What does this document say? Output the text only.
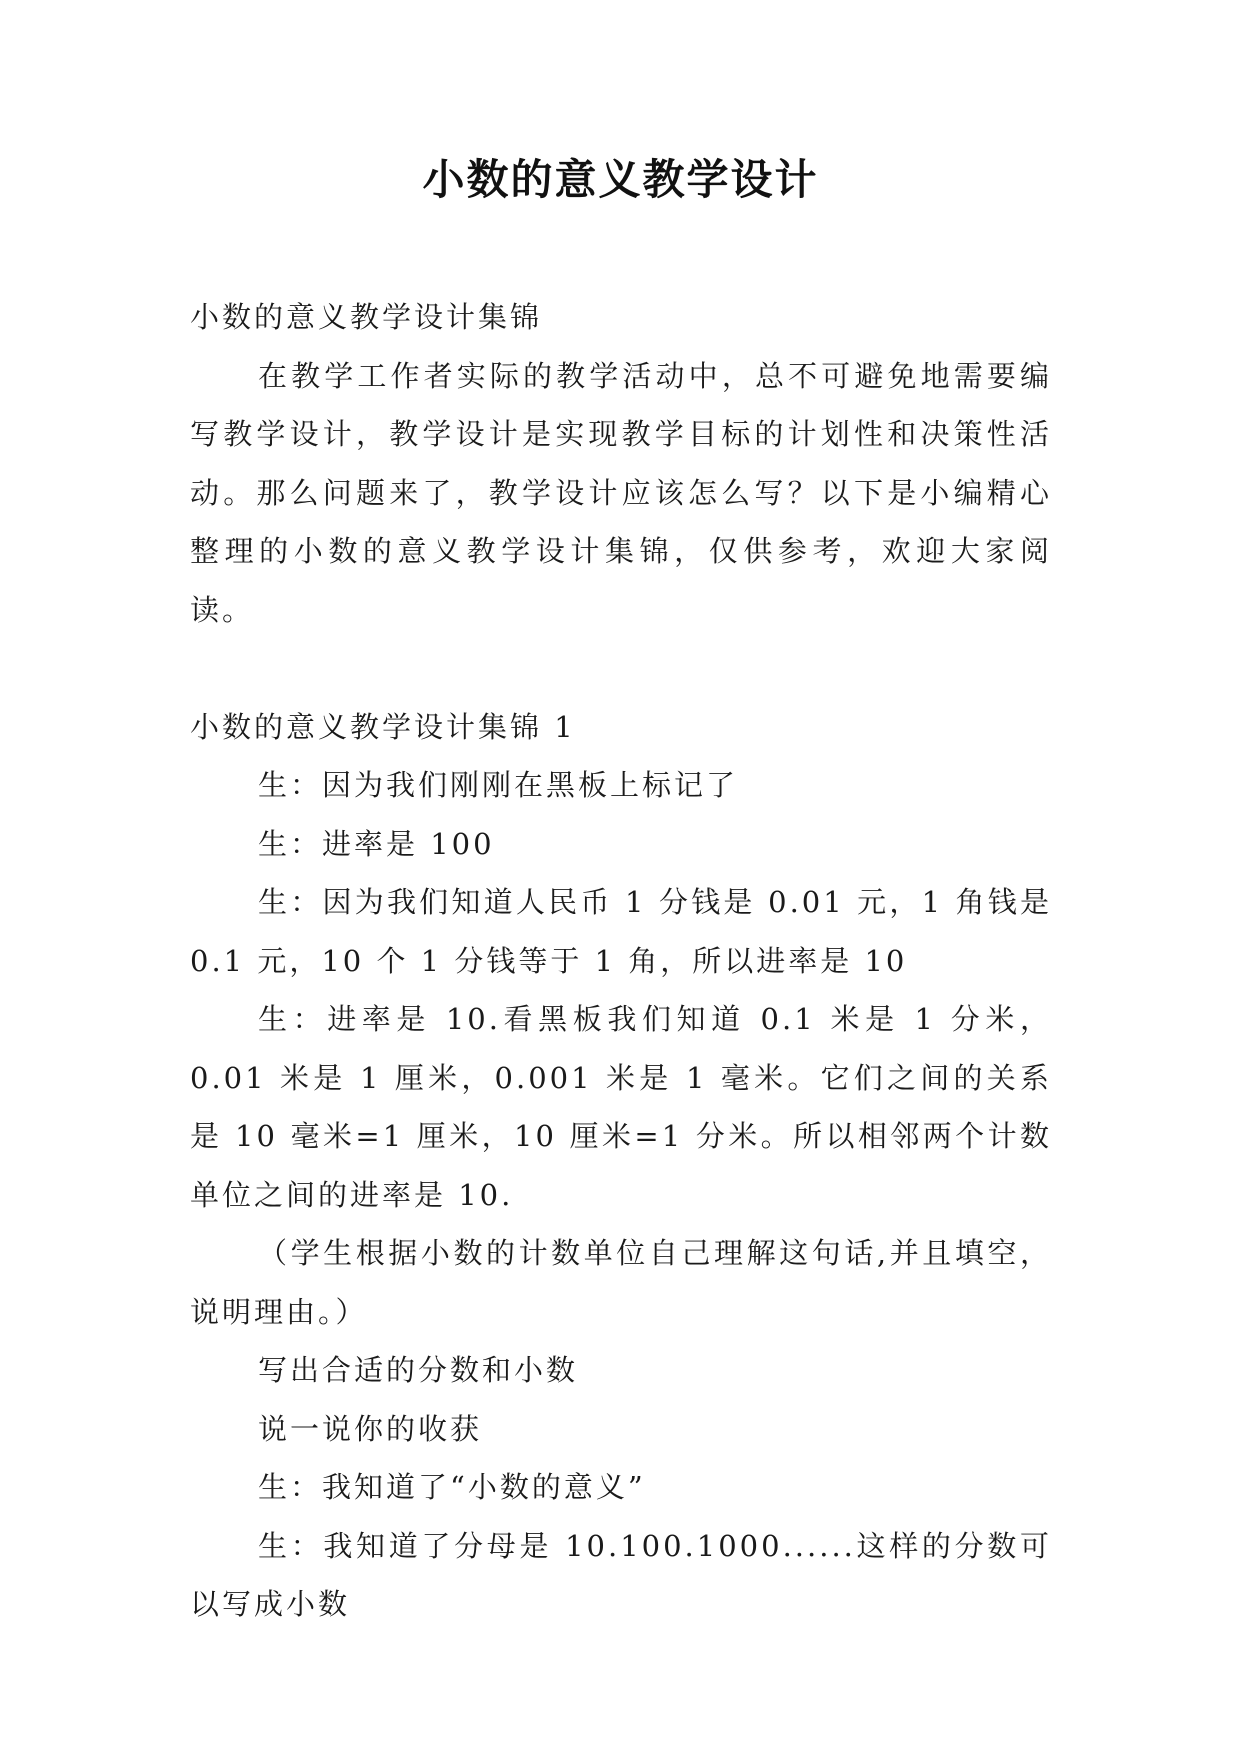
小数的意义教学设计

小数的意义教学设计集锦

在教学工作者实际的教学活动中，总不可避免地需要编写教学设计，教学设计是实现教学目标的计划性和决策性活动。那么问题来了，教学设计应该怎么写？以下是小编精心整理的小数的意义教学设计集锦，仅供参考，欢迎大家阅读。

小数的意义教学设计集锦 1

生：因为我们刚刚在黑板上标记了

生：进率是 100

生：因为我们知道人民币 1 分钱是 0.01 元，1 角钱是 0.1 元，10 个 1 分钱等于 1 角，所以进率是 10

生：进率是 10.看黑板我们知道 0.1 米是 1 分米，0.01 米是 1 厘米，0.001 米是 1 毫米。它们之间的关系是 10 毫米=1 厘米，10 厘米=1 分米。所以相邻两个计数单位之间的进率是 10.

（学生根据小数的计数单位自己理解这句话,并且填空，说明理由。）

写出合适的分数和小数

说一说你的收获

生：我知道了“小数的意义”

生：我知道了分母是 10.100.1000......这样的分数可以写成小数
